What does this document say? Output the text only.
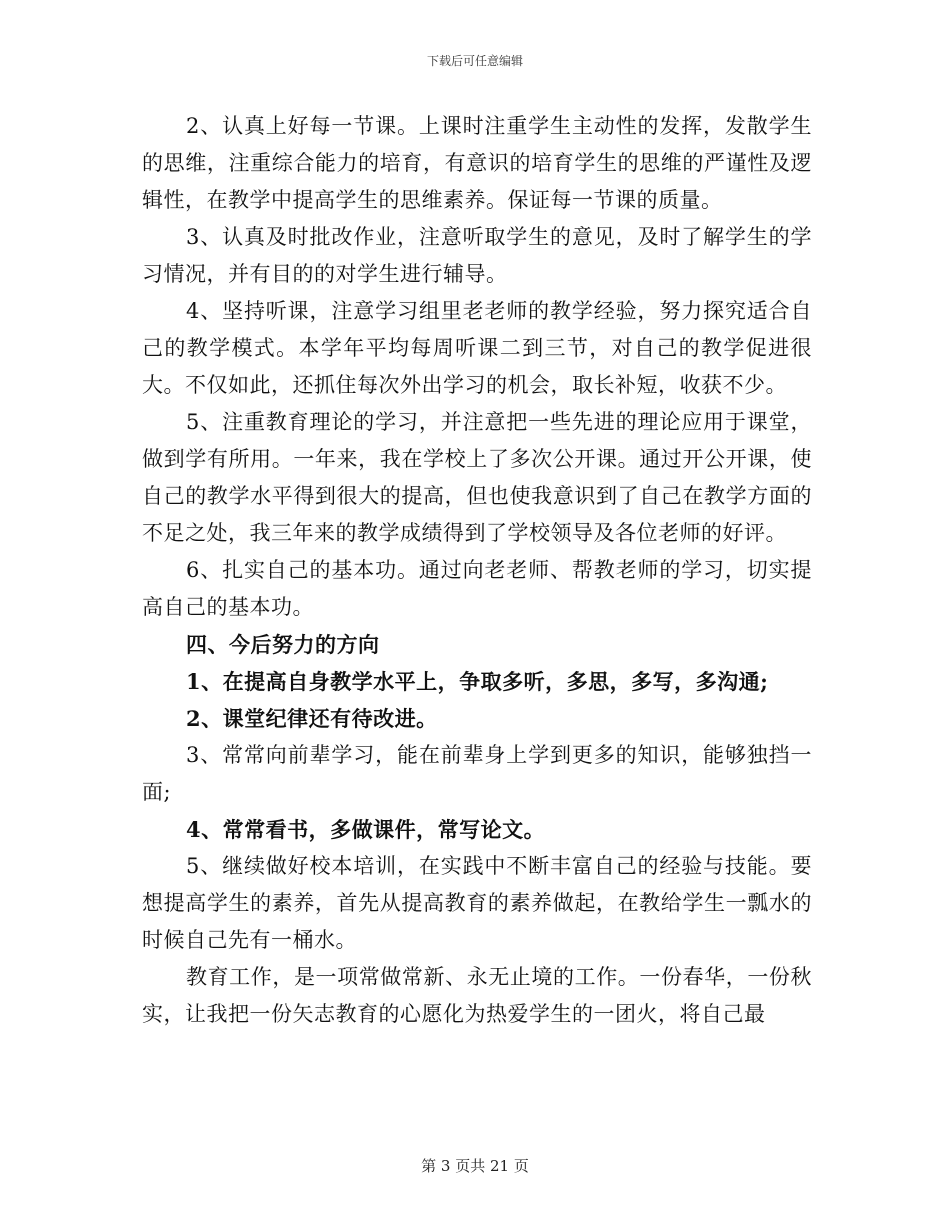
下载后可任意编辑

2、认真上好每一节课。上课时注重学生主动性的发挥，发散学生的思维，注重综合能力的培育，有意识的培育学生的思维的严谨性及逻辑性，在教学中提高学生的思维素养。保证每一节课的质量。

3、认真及时批改作业，注意听取学生的意见，及时了解学生的学习情况，并有目的的对学生进行辅导。

4、坚持听课，注意学习组里老老师的教学经验，努力探究适合自己的教学模式。本学年平均每周听课二到三节，对自己的教学促进很大。不仅如此，还抓住每次外出学习的机会，取长补短，收获不少。

5、注重教育理论的学习，并注意把一些先进的理论应用于课堂，做到学有所用。一年来，我在学校上了多次公开课。通过开公开课，使自己的教学水平得到很大的提高，但也使我意识到了自己在教学方面的不足之处，我三年来的教学成绩得到了学校领导及各位老师的好评。

6、扎实自己的基本功。通过向老老师、帮教老师的学习，切实提高自己的基本功。

四、今后努力的方向

1、在提高自身教学水平上，争取多听，多思，多写，多沟通;

2、课堂纪律还有待改进。

3、常常向前辈学习，能在前辈身上学到更多的知识，能够独挡一面;

4、常常看书，多做课件，常写论文。

5、继续做好校本培训，在实践中不断丰富自己的经验与技能。要想提高学生的素养，首先从提高教育的素养做起，在教给学生一瓢水的时候自己先有一桶水。

教育工作，是一项常做常新、永无止境的工作。一份春华，一份秋实，让我把一份矢志教育的心愿化为热爱学生的一团火，将自己最

第 3 页共 21 页
